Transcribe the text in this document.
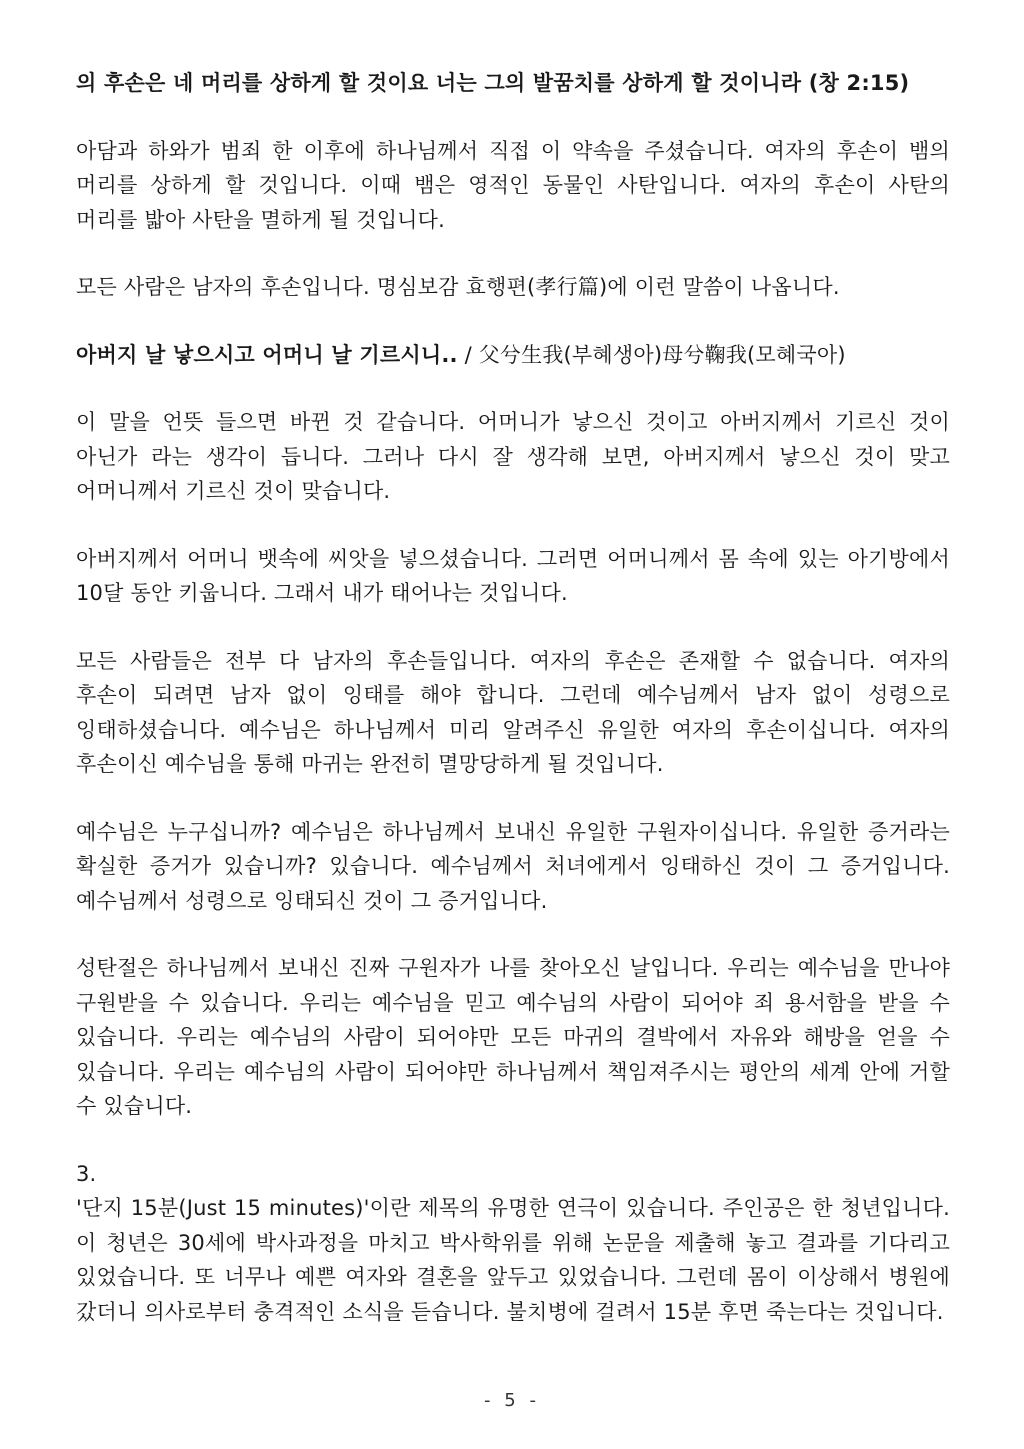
의 후손은 네 머리를 상하게 할 것이요 너는 그의 발꿈치를 상하게 할 것이니라 (창 2:15)

아담과 하와가 범죄 한 이후에 하나님께서 직접 이 약속을 주셨습니다. 여자의 후손이 뱀의 머리를 상하게 할 것입니다. 이때 뱀은 영적인 동물인 사탄입니다. 여자의 후손이 사탄의 머리를 밟아 사탄을 멸하게 될 것입니다.

모든 사람은 남자의 후손입니다. 명심보감 효행편(孝行篇)에 이런 말씀이 나옵니다.

아버지 날 낳으시고 어머니 날 기르시니.. / 父兮生我(부혜생아)母兮鞠我(모혜국아)

이 말을 언뜻 들으면 바뀐 것 같습니다. 어머니가 낳으신 것이고 아버지께서 기르신 것이 아닌가 라는 생각이 듭니다. 그러나 다시 잘 생각해 보면, 아버지께서 낳으신 것이 맞고 어머니께서 기르신 것이 맞습니다.

아버지께서 어머니 뱃속에 씨앗을 넣으셨습니다. 그러면 어머니께서 몸 속에 있는 아기방에서 10달 동안 키웁니다. 그래서 내가 태어나는 것입니다.

모든 사람들은 전부 다 남자의 후손들입니다. 여자의 후손은 존재할 수 없습니다. 여자의 후손이 되려면 남자 없이 잉태를 해야 합니다. 그런데 예수님께서 남자 없이 성령으로 잉태하셨습니다. 예수님은 하나님께서 미리 알려주신 유일한 여자의 후손이십니다. 여자의 후손이신 예수님을 통해 마귀는 완전히 멸망당하게 될 것입니다.

예수님은 누구십니까? 예수님은 하나님께서 보내신 유일한 구원자이십니다. 유일한 증거라는 확실한 증거가 있습니까? 있습니다. 예수님께서 처녀에게서 잉태하신 것이 그 증거입니다. 예수님께서 성령으로 잉태되신 것이 그 증거입니다.

성탄절은 하나님께서 보내신 진짜 구원자가 나를 찾아오신 날입니다. 우리는 예수님을 만나야 구원받을 수 있습니다. 우리는 예수님을 믿고 예수님의 사람이 되어야 죄 용서함을 받을 수 있습니다. 우리는 예수님의 사람이 되어야만 모든 마귀의 결박에서 자유와 해방을 얻을 수 있습니다. 우리는 예수님의 사람이 되어야만 하나님께서 책임져주시는 평안의 세계 안에 거할 수 있습니다.

3.

'단지 15분(Just 15 minutes)'이란 제목의 유명한 연극이 있습니다. 주인공은 한 청년입니다. 이 청년은 30세에 박사과정을 마치고 박사학위를 위해 논문을 제출해 놓고 결과를 기다리고 있었습니다. 또 너무나 예쁜 여자와 결혼을 앞두고 있었습니다. 그런데 몸이 이상해서 병원에 갔더니 의사로부터 충격적인 소식을 듣습니다. 불치병에 걸려서 15분 후면 죽는다는 것입니다.

- 5 -
